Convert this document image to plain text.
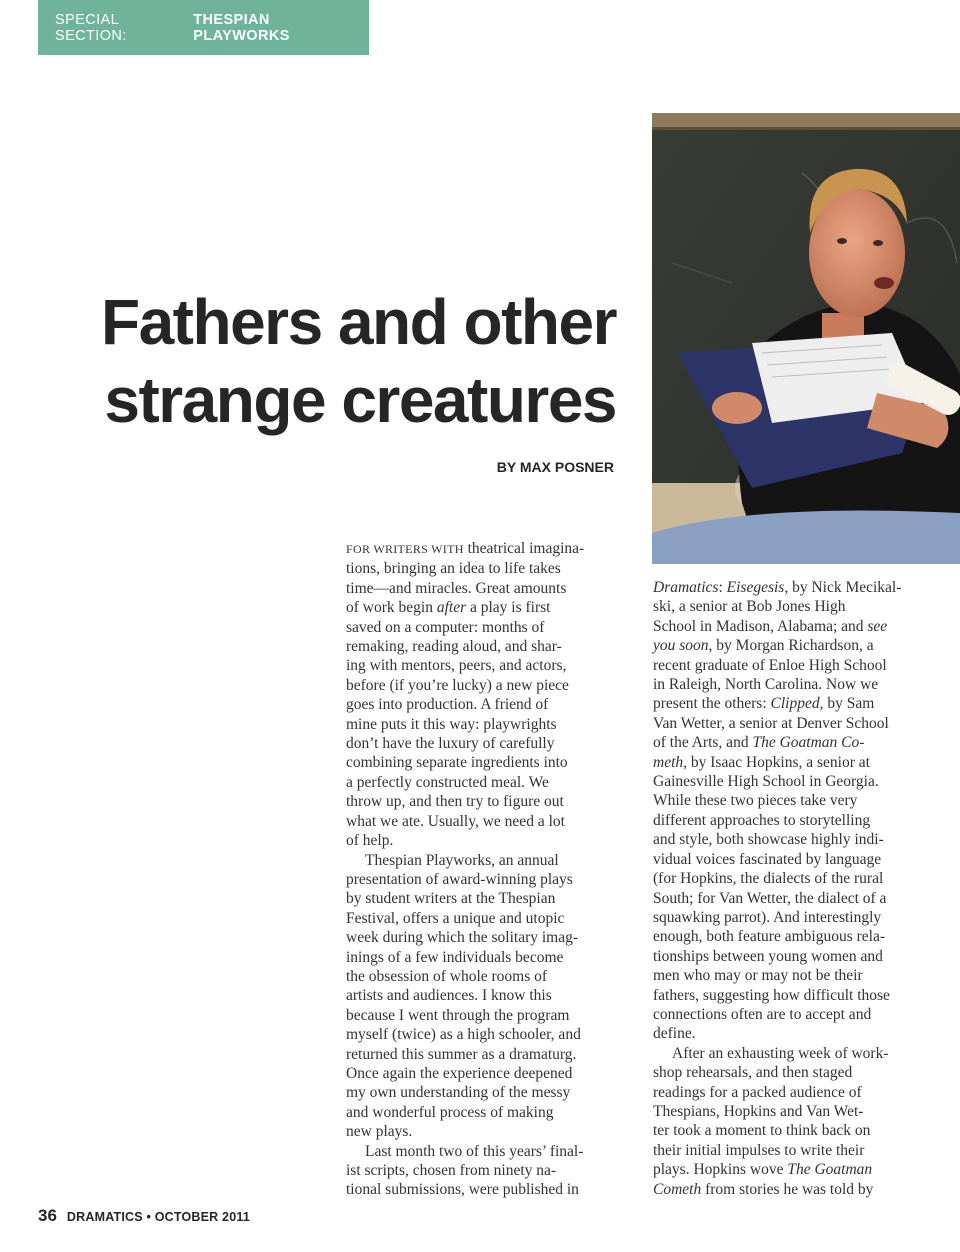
SPECIAL SECTION:
THESPIAN PLAYWORKS
Fathers and other
strange creatures
BY MAX POSNER

FOR WRITERS WITH theatrical imagina-

tions, bringing an idea to life takes

time—and miracles. Great amounts

of work begin after a play is first

saved on a computer: months of

remaking, reading aloud, and shar-

ing with mentors, peers, and actors,

before (if you’re lucky) a new piece

goes into production. A friend of

mine puts it this way: playwrights

don’t have the luxury of carefully

combining separate ingredients into

a perfectly constructed meal. We

throw up, and then try to figure out

what we ate. Usually, we need a lot

of help.

Thespian Playworks, an annual

presentation of award-winning plays

by student writers at the Thespian

Festival, offers a unique and utopic

week during which the solitary imag-

inings of a few individuals become

the obsession of whole rooms of

artists and audiences. I know this

because I went through the program

myself (twice) as a high schooler, and

returned this summer as a dramaturg.

Once again the experience deepened

my own understanding of the messy

and wonderful process of making

new plays.

Last month two of this years’ final-

ist scripts, chosen from ninety na-

tional submissions, were published in

Dramatics: Eisegesis, by Nick Mecikal-

ski, a senior at Bob Jones High

School in Madison, Alabama; and see

you soon, by Morgan Richardson, a

recent graduate of Enloe High School

in Raleigh, North Carolina. Now we

present the others: Clipped, by Sam

Van Wetter, a senior at Denver School

of the Arts, and The Goatman Co-

meth, by Isaac Hopkins, a senior at

Gainesville High School in Georgia.

While these two pieces take very

different approaches to storytelling

and style, both showcase highly indi-

vidual voices fascinated by language

(for Hopkins, the dialects of the rural

South; for Van Wetter, the dialect of a

squawking parrot). And interestingly

enough, both feature ambiguous rela-

tionships between young women and

men who may or may not be their

fathers, suggesting how difficult those

connections often are to accept and

define.

After an exhausting week of work-

shop rehearsals, and then staged

readings for a packed audience of

Thespians, Hopkins and Van Wet-

ter took a moment to think back on

their initial impulses to write their

plays. Hopkins wove The Goatman

Cometh from stories he was told by

36 DRAMATICS • OCTOBER 2011
